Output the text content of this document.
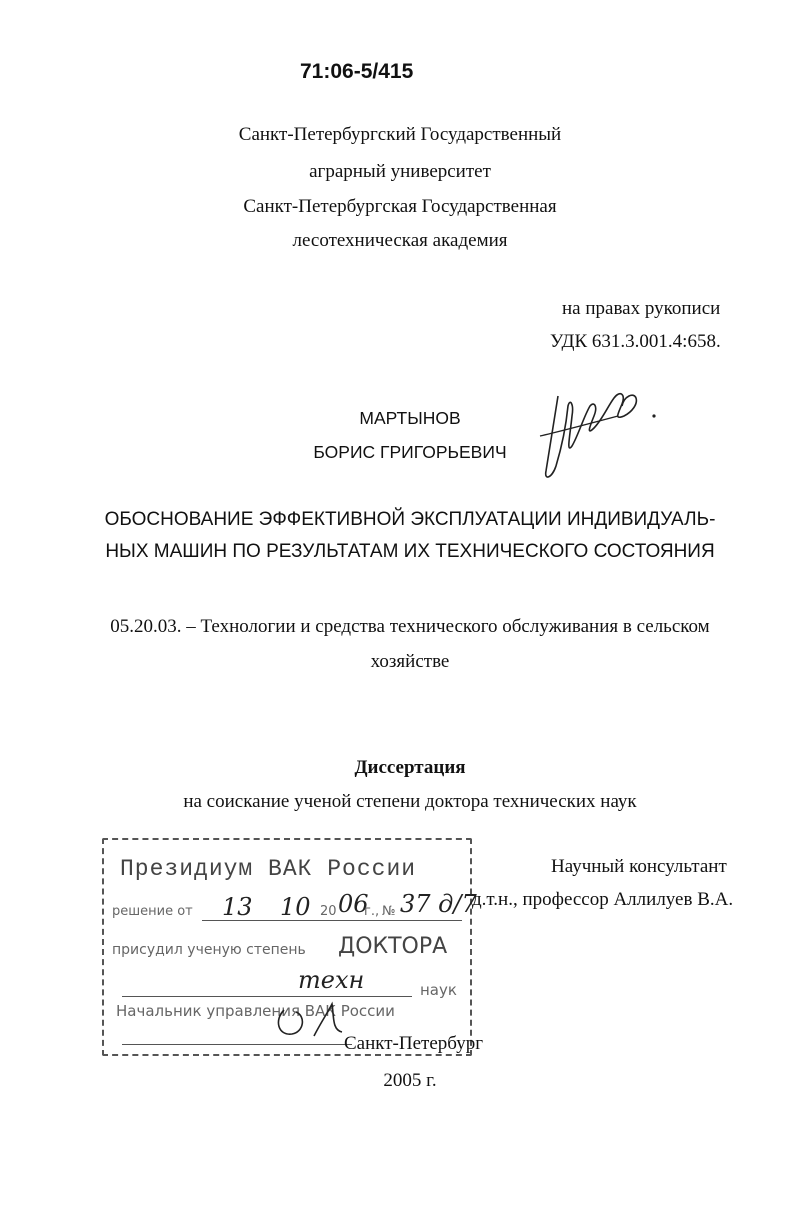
71:06-5/415
Санкт-Петербургский Государственный
аграрный университет
Санкт-Петербургская Государственная
лесотехническая академия
на правах рукописи
УДК 631.3.001.4:658.
МАРТЫНОВ
БОРИС ГРИГОРЬЕВИЧ
ОБОСНОВАНИЕ ЭФФЕКТИВНОЙ ЭКСПЛУАТАЦИИ ИНДИВИДУАЛЬ-
НЫХ МАШИН ПО РЕЗУЛЬТАТАМ ИХ ТЕХНИЧЕСКОГО СОСТОЯНИЯ
05.20.03. – Технологии и средства технического обслуживания в сельском
хозяйстве
Диссертация
на соискание ученой степени доктора технических наук
Научный консультант
д.т.н., профессор Аллилуев В.А.
Президиум ВАК России
решение от 13 10 20 06
г., № 37 д/7
присудил ученую степень ДОКТОРА
техн	наук
Начальник управления ВАК России
Санкт-Петербург
2005 г.
